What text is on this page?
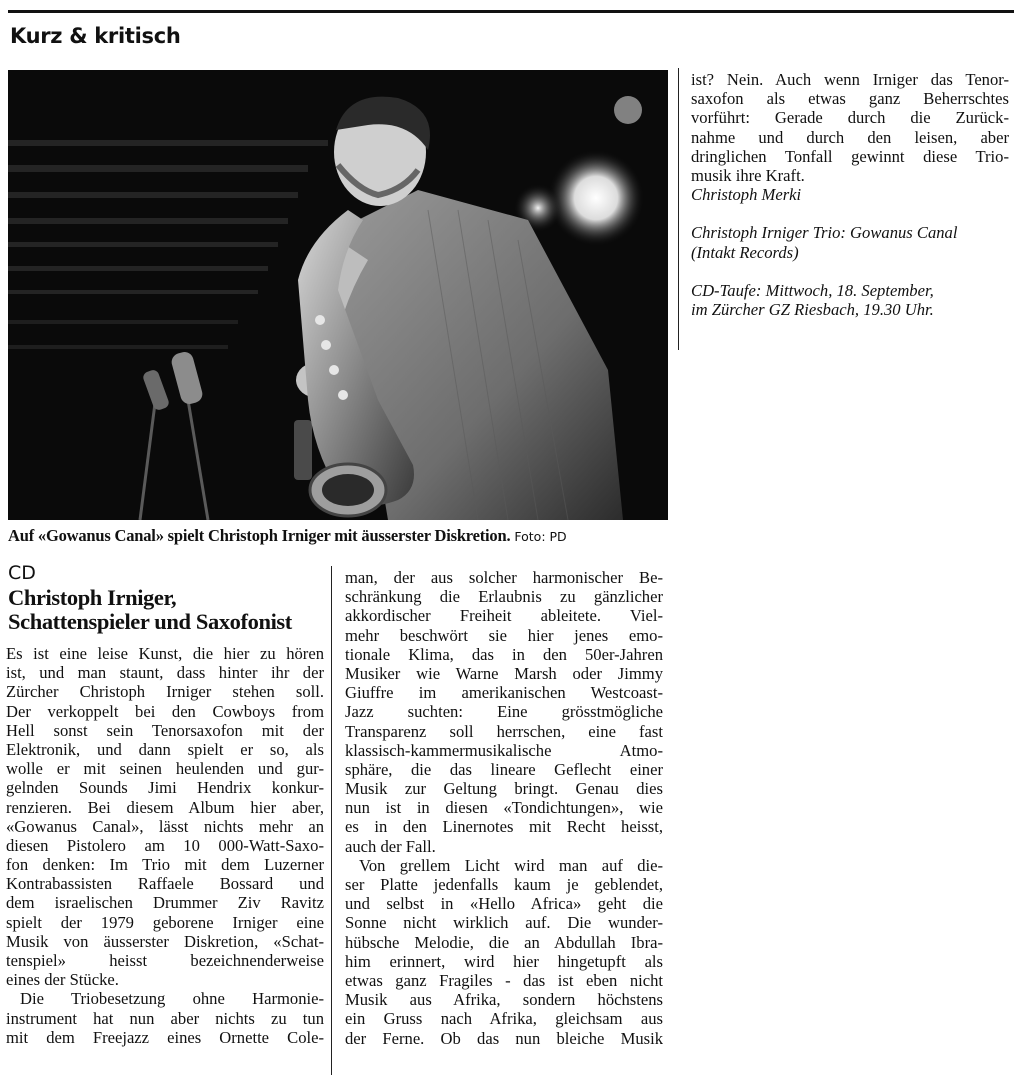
Kurz & kritisch
Auf «Gowanus Canal» spielt Christoph Irniger mit äusserster Diskretion. Foto: PD
CD
Christoph Irniger,
Schattenspieler und Saxofonist
Es ist eine leise Kunst, die hier zu hören
ist, und man staunt, dass hinter ihr der
Zürcher Christoph Irniger stehen soll.
Der verkoppelt bei den Cowboys from
Hell sonst sein Tenorsaxofon mit der
Elektronik, und dann spielt er so, als
wolle er mit seinen heulenden und gur-
gelnden Sounds Jimi Hendrix konkur-
renzieren. Bei diesem Album hier aber,
«Gowanus Canal», lässt nichts mehr an
diesen Pistolero am 10 000-Watt-Saxo-
fon denken: Im Trio mit dem Luzerner
Kontrabassisten Raffaele Bossard und
dem israelischen Drummer Ziv Ravitz
spielt der 1979 geborene Irniger eine
Musik von äusserster Diskretion, «Schat-
tenspiel» heisst bezeichnenderweise
eines der Stücke.
Die Triobesetzung ohne Harmonie-
instrument hat nun aber nichts zu tun
mit dem Freejazz eines Ornette Cole-
man, der aus solcher harmonischer Be-
schränkung die Erlaubnis zu gänzlicher
akkordischer Freiheit ableitete. Viel-
mehr beschwört sie hier jenes emo-
tionale Klima, das in den 50er-Jahren
Musiker wie Warne Marsh oder Jimmy
Giuffre im amerikanischen Westcoast-
Jazz suchten: Eine grösstmögliche
Transparenz soll herrschen, eine fast
klassisch-kammermusikalische Atmo-
sphäre, die das lineare Geflecht einer
Musik zur Geltung bringt. Genau dies
nun ist in diesen «Tondichtungen», wie
es in den Linernotes mit Recht heisst,
auch der Fall.
Von grellem Licht wird man auf die-
ser Platte jedenfalls kaum je geblendet,
und selbst in «Hello Africa» geht die
Sonne nicht wirklich auf. Die wunder-
hübsche Melodie, die an Abdullah Ibra-
him erinnert, wird hier hingetupft als
etwas ganz Fragiles - das ist eben nicht
Musik aus Afrika, sondern höchstens
ein Gruss nach Afrika, gleichsam aus
der Ferne. Ob das nun bleiche Musik
ist? Nein. Auch wenn Irniger das Tenor-
saxofon als etwas ganz Beherrschtes
vorführt: Gerade durch die Zurück-
nahme und durch den leisen, aber
dringlichen Tonfall gewinnt diese Trio-
musik ihre Kraft.
Christoph Merki
Christoph Irniger Trio: Gowanus Canal
(Intakt Records)
CD-Taufe: Mittwoch, 18. September,
im Zürcher GZ Riesbach, 19.30 Uhr.
